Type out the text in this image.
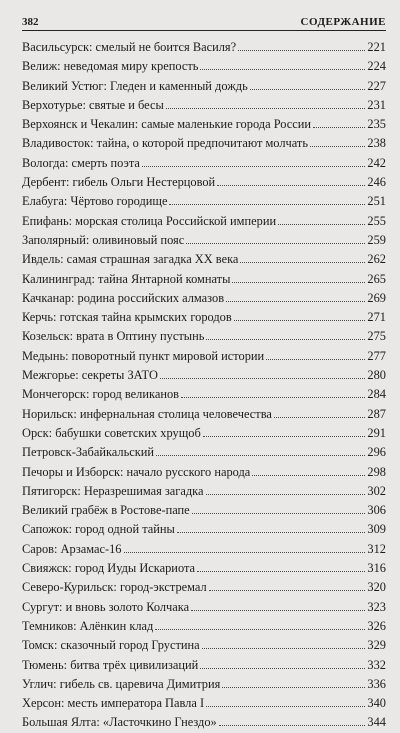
382	СОДЕРЖАНИЕ
Васильсурск: смелый не боится Василя?	221
Велиж: неведомая миру крепость	224
Великий Устюг: Гледен и каменный дождь	227
Верхотурье: святые и бесы	231
Верхоянск и Чекалин: самые маленькие города России	235
Владивосток: тайна, о которой предпочитают молчать	238
Вологда: смерть поэта	242
Дербент: гибель Ольги Нестерцовой	246
Елабуга: Чёртово городище	251
Епифань: морская столица Российской империи	255
Заполярный: оливиновый пояс	259
Ивдель: самая страшная загадка XX века	262
Калининград: тайна Янтарной комнаты	265
Качканар: родина российских алмазов	269
Керчь: готская тайна крымских городов	271
Козельск: врата в Оптину пустынь	275
Медынь: поворотный пункт мировой истории	277
Межгорье: секреты ЗАТО	280
Мончегорск: город великанов	284
Норильск: инфернальная столица человечества	287
Орск: бабушки советских хрущоб	291
Петровск-Забайкальский	296
Печоры и Изборск: начало русского народа	298
Пятигорск: Неразрешимая загадка	302
Великий грабёж в Ростове-папе	306
Сапожок: город одной тайны	309
Саров: Арзамас-16	312
Свияжск: город Иуды Искариота	316
Северо-Курильск: город-экстремал	320
Сургут: и вновь золото Колчака	323
Темников: Алёнкин клад	326
Томск: сказочный город Грустина	329
Тюмень: битва трёх цивилизаций	332
Углич: гибель св. царевича Димитрия	336
Херсон: месть императора Павла I	340
Большая Ялта: «Ласточкино Гнездо»	344
